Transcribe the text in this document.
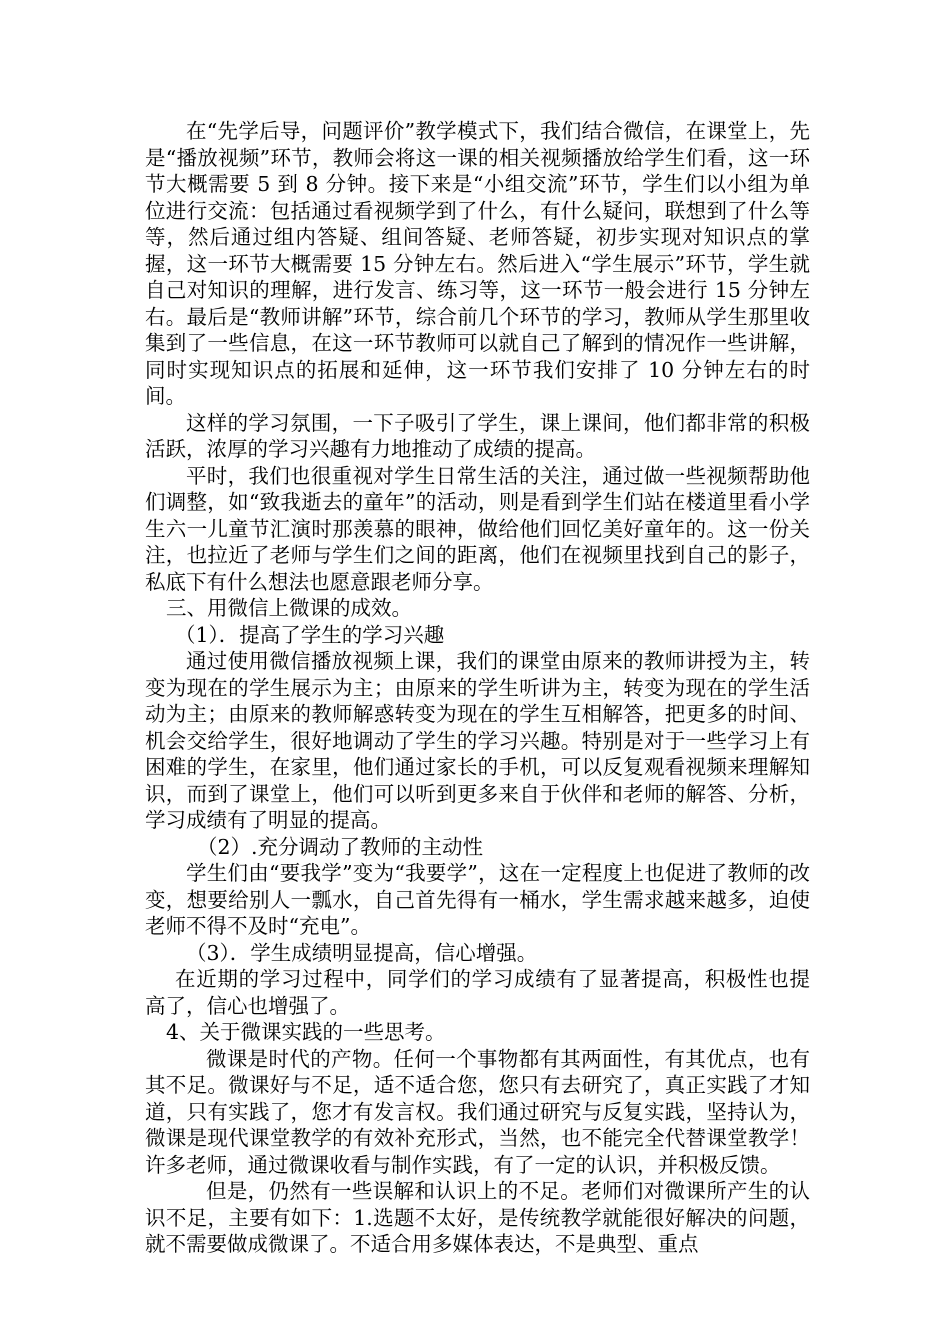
在“先学后导，问题评价”教学模式下，我们结合微信，在课堂上，先是“播放视频”环节，教师会将这一课的相关视频播放给学生们看，这一环节大概需要 5 到 8 分钟。接下来是“小组交流”环节，学生们以小组为单位进行交流：包括通过看视频学到了什么，有什么疑问，联想到了什么等等，然后通过组内答疑、组间答疑、老师答疑，初步实现对知识点的掌握，这一环节大概需要 15 分钟左右。然后进入“学生展示”环节，学生就自己对知识的理解，进行发言、练习等，这一环节一般会进行 15 分钟左右。最后是“教师讲解”环节，综合前几个环节的学习，教师从学生那里收集到了一些信息，在这一环节教师可以就自己了解到的情况作一些讲解，同时实现知识点的拓展和延伸，这一环节我们安排了 10 分钟左右的时间。

这样的学习氛围，一下子吸引了学生，课上课间，他们都非常的积极活跃，浓厚的学习兴趣有力地推动了成绩的提高。

平时，我们也很重视对学生日常生活的关注，通过做一些视频帮助他们调整，如“致我逝去的童年”的活动，则是看到学生们站在楼道里看小学生六一儿童节汇演时那羡慕的眼神，做给他们回忆美好童年的。这一份关注，也拉近了老师与学生们之间的距离，他们在视频里找到自己的影子，私底下有什么想法也愿意跟老师分享。

三、用微信上微课的成效。

（1）．提高了学生的学习兴趣

通过使用微信播放视频上课，我们的课堂由原来的教师讲授为主，转变为现在的学生展示为主；由原来的学生听讲为主，转变为现在的学生活动为主；由原来的教师解惑转变为现在的学生互相解答，把更多的时间、机会交给学生，很好地调动了学生的学习兴趣。特别是对于一些学习上有困难的学生，在家里，他们通过家长的手机，可以反复观看视频来理解知识，而到了课堂上，他们可以听到更多来自于伙伴和老师的解答、分析，学习成绩有了明显的提高。

（2）.充分调动了教师的主动性

学生们由“要我学”变为“我要学”，这在一定程度上也促进了教师的改变，想要给别人一瓢水，自己首先得有一桶水，学生需求越来越多，迫使老师不得不及时“充电”。

（3）．学生成绩明显提高，信心增强。

在近期的学习过程中，同学们的学习成绩有了显著提高，积极性也提高了，信心也增强了。

4、关于微课实践的一些思考。

微课是时代的产物。任何一个事物都有其两面性，有其优点，也有其不足。微课好与不足，适不适合您，您只有去研究了，真正实践了才知道，只有实践了，您才有发言权。我们通过研究与反复实践，坚持认为，微课是现代课堂教学的有效补充形式，当然，也不能完全代替课堂教学！许多老师，通过微课收看与制作实践，有了一定的认识，并积极反馈。

但是，仍然有一些误解和认识上的不足。老师们对微课所产生的认识不足，主要有如下：1.选题不太好，是传统教学就能很好解决的问题，就不需要做成微课了。不适合用多媒体表达，不是典型、重点
